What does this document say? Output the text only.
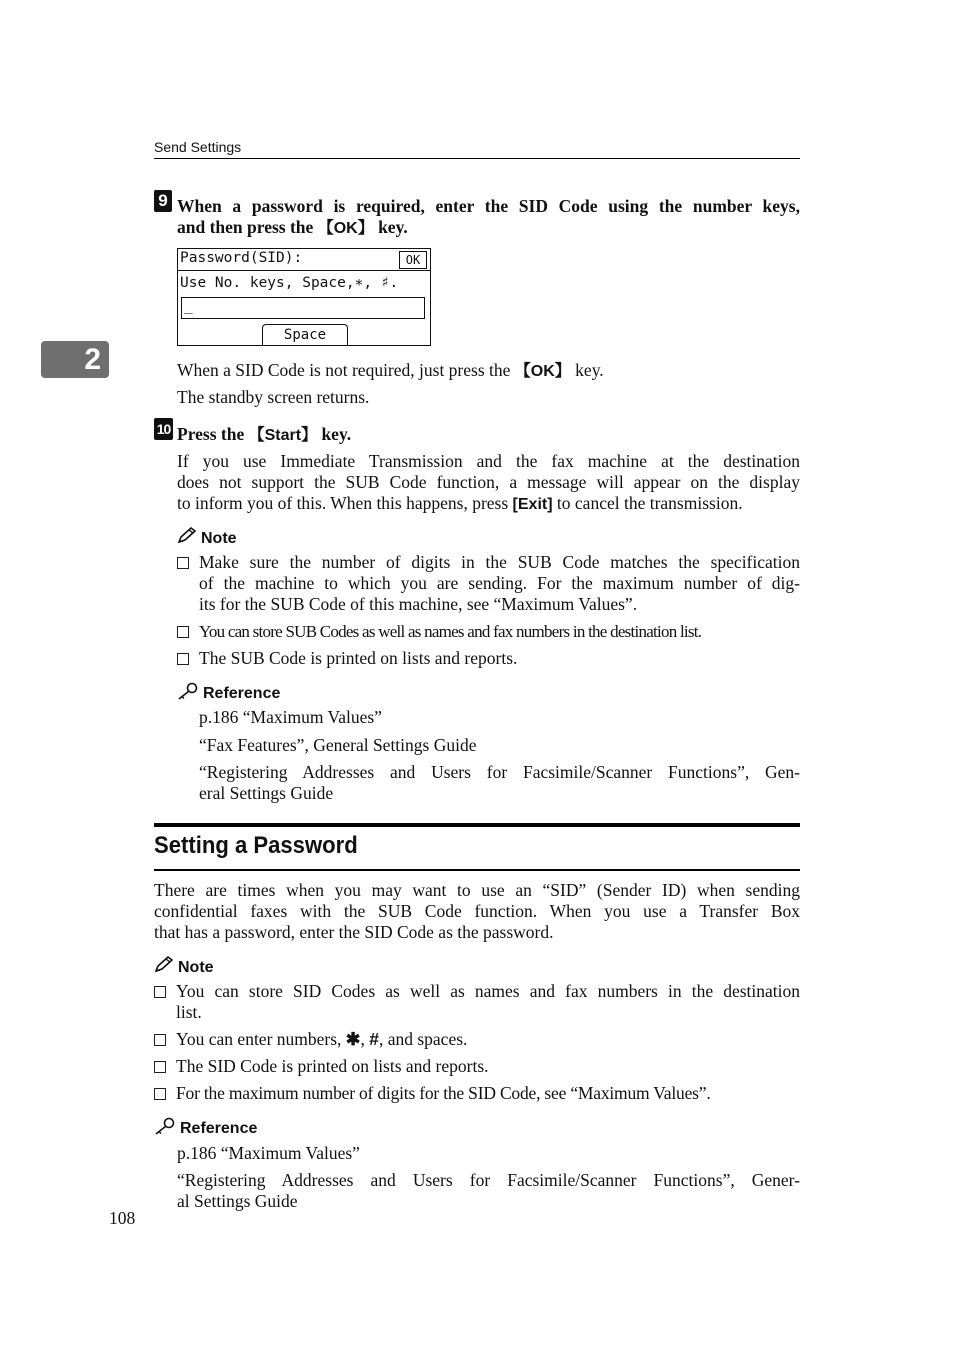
Send Settings
2
9 When a password is required, enter the SID Code using the number keys,
and then press the 【OK】 key.
Password(SID):	OK
Use No. keys, Space,∗, ♯.
_
Space
When a SID Code is not required, just press the 【OK】 key.
The standby screen returns.
10 Press the 【Start】 key.
If you use Immediate Transmission and the fax machine at the destination
does not support the SUB Code function, a message will appear on the display
to inform you of this. When this happens, press [Exit] to cancel the transmission.
Note
Make sure the number of digits in the SUB Code matches the specification
of the machine to which you are sending. For the maximum number of dig-
its for the SUB Code of this machine, see “Maximum Values”.
You can store SUB Codes as well as names and fax numbers in the destination list.
The SUB Code is printed on lists and reports.
Reference
p.186 “Maximum Values”
“Fax Features”, General Settings Guide
“Registering Addresses and Users for Facsimile/Scanner Functions”, Gen-
eral Settings Guide
Setting a Password
There are times when you may want to use an “SID” (Sender ID) when sending
confidential faxes with the SUB Code function. When you use a Transfer Box
that has a password, enter the SID Code as the password.
Note
You can store SID Codes as well as names and fax numbers in the destination
list.
You can enter numbers, ✱, #, and spaces.
The SID Code is printed on lists and reports.
For the maximum number of digits for the SID Code, see “Maximum Values”.
Reference
p.186 “Maximum Values”
“Registering Addresses and Users for Facsimile/Scanner Functions”, Gener-
al Settings Guide
108
